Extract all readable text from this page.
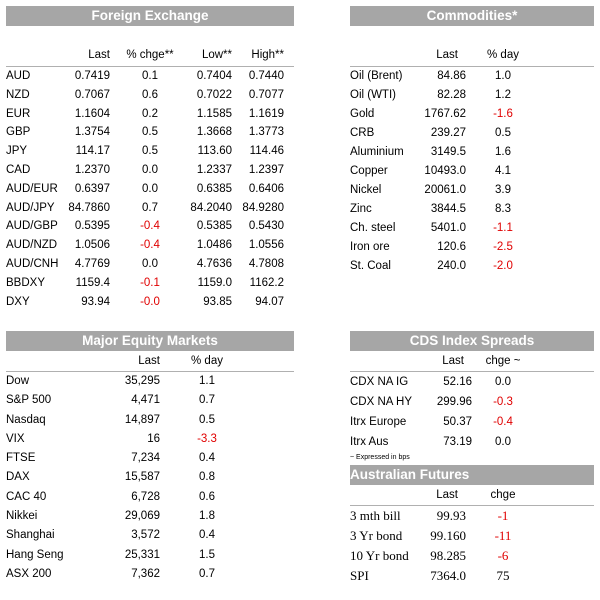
Foreign Exchange
Last	% chge**	Low**	High**
AUD	0.7419	0.1	0.7404	0.7440
NZD	0.7067	0.6	0.7022	0.7077
EUR	1.1604	0.2	1.1585	1.1619
GBP	1.3754	0.5	1.3668	1.3773
JPY	114.17	0.5	113.60	114.46
CAD	1.2370	0.0	1.2337	1.2397
AUD/EUR	0.6397	0.0	0.6385	0.6406
AUD/JPY	84.7860	0.7	84.2040 84.9280
AUD/GBP	0.5395	-0.4	0.5385	0.5430
AUD/NZD	1.0506	-0.4	1.0486	1.0556
AUD/CNH	4.7769	0.0	4.7636	4.7808
BBDXY	1159.4	-0.1	1159.0	1162.2
DXY	93.94	-0.0	93.85	94.07
Commodities*
Last	% day
Oil (Brent)	84.86	1.0
Oil (WTI)	82.28	1.2
Gold	1767.62	-1.6
CRB	239.27	0.5
Aluminium	3149.5	1.6
Copper	10493.0	4.1
Nickel	20061.0	3.9
Zinc	3844.5	8.3
Ch. steel	5401.0	-1.1
Iron ore	120.6	-2.5
St. Coal	240.0	-2.0
Major Equity Markets
Last	% day
Dow	35,295	1.1
S&P 500	4,471	0.7
Nasdaq	14,897	0.5
VIX	16	-3.3
FTSE	7,234	0.4
DAX	15,587	0.8
CAC 40	6,728	0.6
Nikkei	29,069	1.8
Shanghai	3,572	0.4
Hang Seng	25,331	1.5
ASX 200	7,362	0.7
CDS Index Spreads
Last	chge ~
CDX NA IG	52.16	0.0
CDX NA HY	299.96	-0.3
Itrx Europe	50.37	-0.4
Itrx Aus	73.19	0.0
~ Expressed in bps
Australian Futures
Last	chge
3 mth bill	99.93	-1
3 Yr bond	99.160	-11
10 Yr bond	98.285	-6
SPI	7364.0	75
